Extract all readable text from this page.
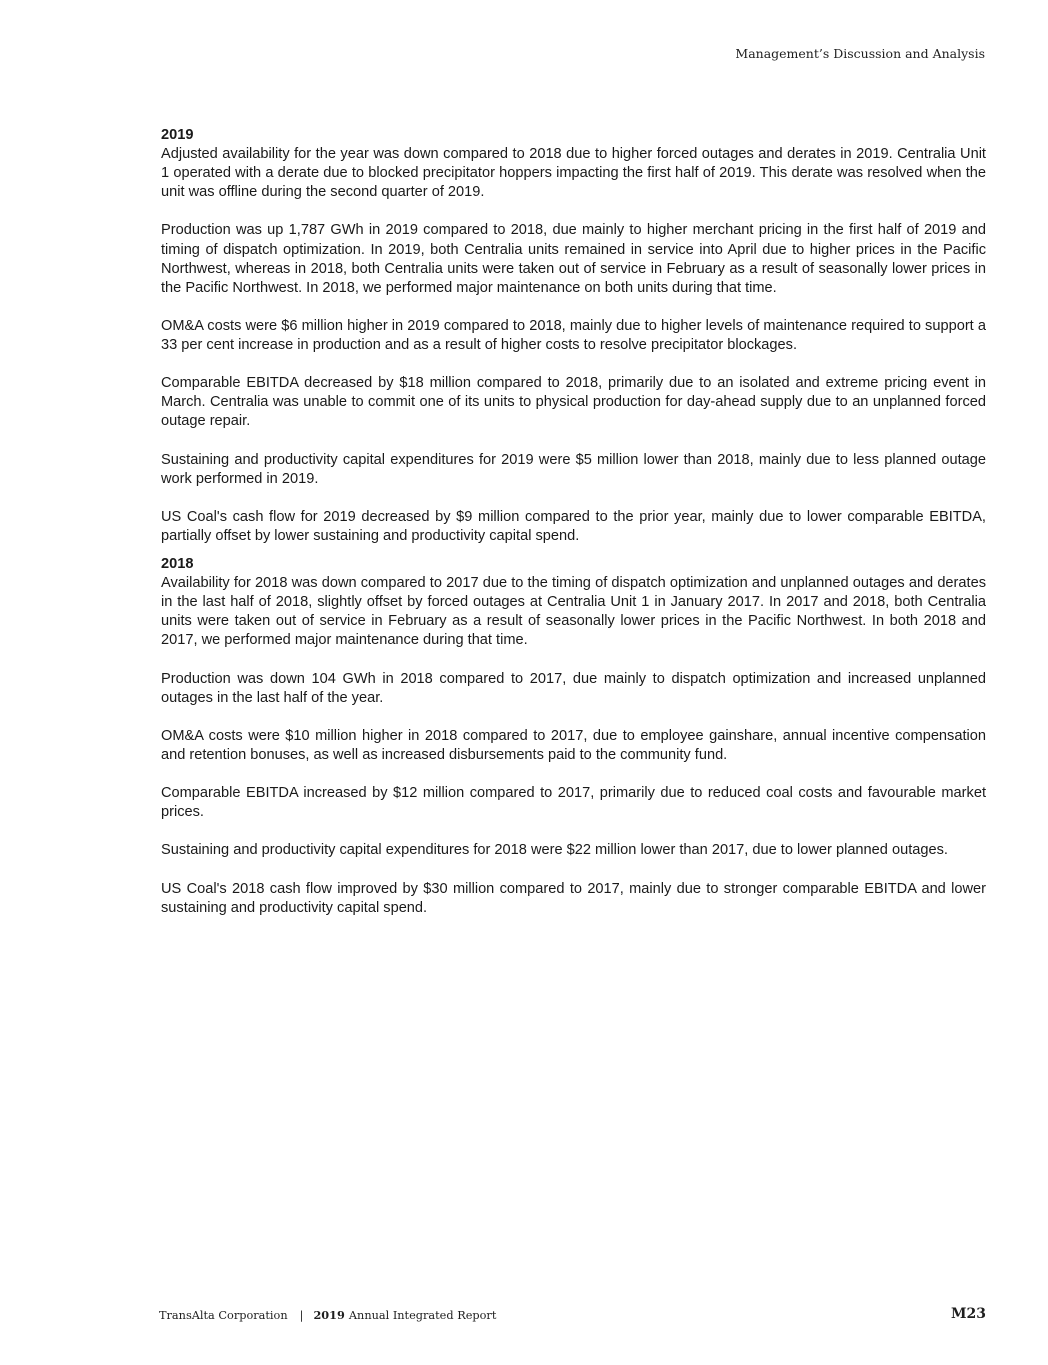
Management’s Discussion and Analysis
2019

Adjusted availability for the year was down compared to 2018 due to higher forced outages and derates in 2019. Centralia Unit 1 operated with a derate due to blocked precipitator hoppers impacting the first half of 2019. This derate was resolved when the unit was offline during the second quarter of 2019.

Production was up 1,787 GWh in 2019 compared to 2018, due mainly to higher merchant pricing in the first half of 2019 and timing of dispatch optimization. In 2019, both Centralia units remained in service into April due to higher prices in the Pacific Northwest, whereas in 2018, both Centralia units were taken out of service in February as a result of seasonally lower prices in the Pacific Northwest. In 2018, we performed major maintenance on both units during that time.

OM&A costs were $6 million higher in 2019 compared to 2018, mainly due to higher levels of maintenance required to support a 33 per cent increase in production and as a result of higher costs to resolve precipitator blockages.

Comparable EBITDA decreased by $18 million compared to 2018, primarily due to an isolated and extreme pricing event in March. Centralia was unable to commit one of its units to physical production for day-ahead supply due to an unplanned forced outage repair.

Sustaining and productivity capital expenditures for 2019 were $5 million lower than 2018, mainly due to less planned outage work performed in 2019.

US Coal's cash flow for 2019 decreased by $9 million compared to the prior year, mainly due to lower comparable EBITDA, partially offset by lower sustaining and productivity capital spend.

2018

Availability for 2018 was down compared to 2017 due to the timing of dispatch optimization and unplanned outages and derates in the last half of 2018, slightly offset by forced outages at Centralia Unit 1 in January 2017. In 2017 and 2018, both Centralia units were taken out of service in February as a result of seasonally lower prices in the Pacific Northwest. In both 2018 and 2017, we performed major maintenance during that time.

Production was down 104 GWh in 2018 compared to 2017, due mainly to dispatch optimization and increased unplanned outages in the last half of the year.

OM&A costs were $10 million higher in 2018 compared to 2017, due to employee gainshare, annual incentive compensation and retention bonuses, as well as increased disbursements paid to the community fund.

Comparable EBITDA increased by $12 million compared to 2017, primarily due to reduced coal costs and favourable market prices.

Sustaining and productivity capital expenditures for 2018 were $22 million lower than 2017, due to lower planned outages.

US Coal's 2018 cash flow improved by $30 million compared to 2017, mainly due to stronger comparable EBITDA and lower sustaining and productivity capital spend.

TransAlta Corporation | 2019 Annual Integrated Report	M23
